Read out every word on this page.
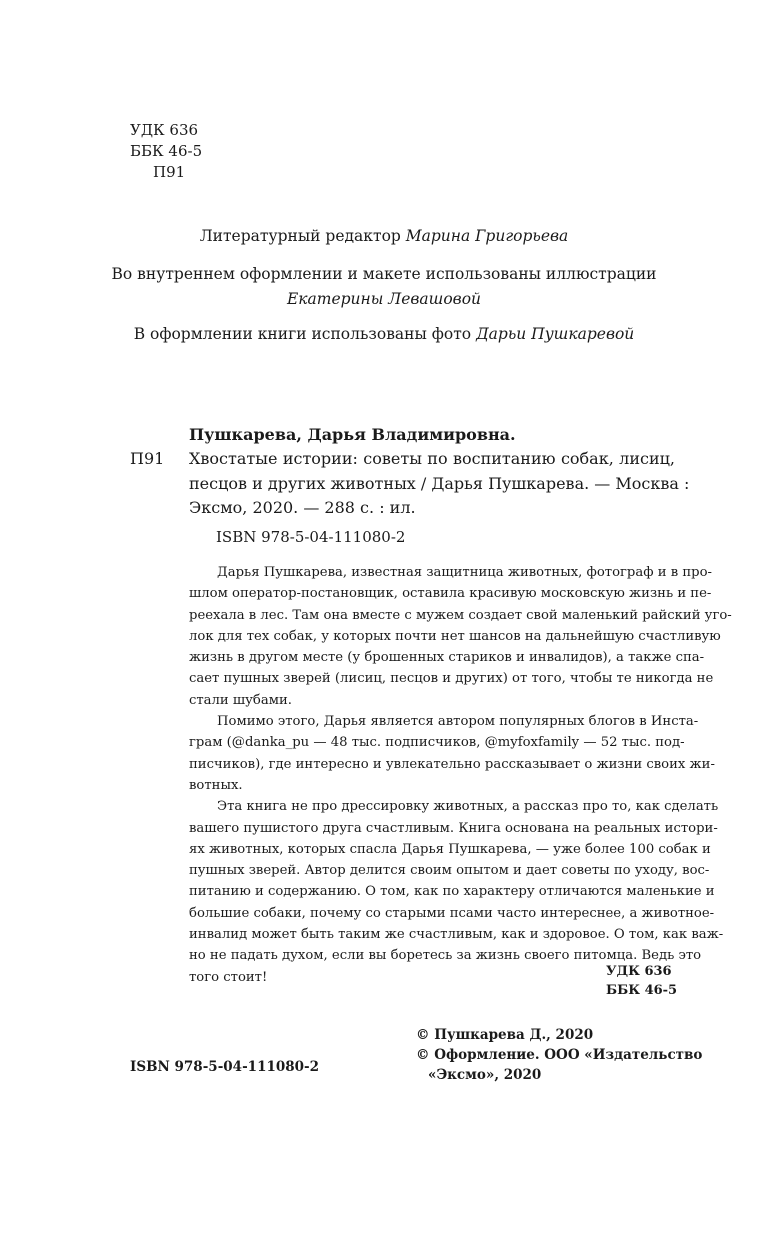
УДК 636
ББК 46-5
П91
Литературный редактор Марина Григорьева
Во внутреннем оформлении и макете использованы иллюстрации
Екатерины Левашовой
В оформлении книги использованы фото Дарьи Пушкаревой

Пушкарева, Дарья Владимировна.

П91 Хвостатые истории: советы по воспитанию собак, лисиц,
песцов и других животных / Дарья Пушкарева. — Москва :
Эксмо, 2020. — 288 с. : ил.

ISBN 978-5-04-111080-2

Дарья Пушкарева, известная защитница животных, фотограф и в про-
шлом оператор-постановщик, оставила красивую московскую жизнь и пе-
реехала в лес. Там она вместе с мужем создает свой маленький райский уго-
лок для тех собак, у которых почти нет шансов на дальнейшую счастливую
жизнь в другом месте (у брошенных стариков и инвалидов), а также спа-
сает пушных зверей (лисиц, песцов и других) от того, чтобы те никогда не
стали шубами.
Помимо этого, Дарья является автором популярных блогов в Инста-
грам (@danka_pu — 48 тыс. подписчиков, @myfoxfamily — 52 тыс. под-
писчиков), где интересно и увлекательно рассказывает о жизни своих жи-
вотных.
Эта книга не про дрессировку животных, а рассказ про то, как сделать
вашего пушистого друга счастливым. Книга основана на реальных истори-
ях животных, которых спасла Дарья Пушкарева, — уже более 100 собак и
пушных зверей. Автор делится своим опытом и дает советы по уходу, вос-
питанию и содержанию. О том, как по характеру отличаются маленькие и
большие собаки, почему со старыми псами часто интереснее, а животное-
инвалид может быть таким же счастливым, как и здоровое. О том, как важ-
но не падать духом, если вы боретесь за жизнь своего питомца. Ведь это
того стоит!	УДК 636
ББК 46-5
© Пушкарева Д., 2020
© Оформление. ООО «Издательство
«Эксмо», 2020

ISBN 978-5-04-111080-2
